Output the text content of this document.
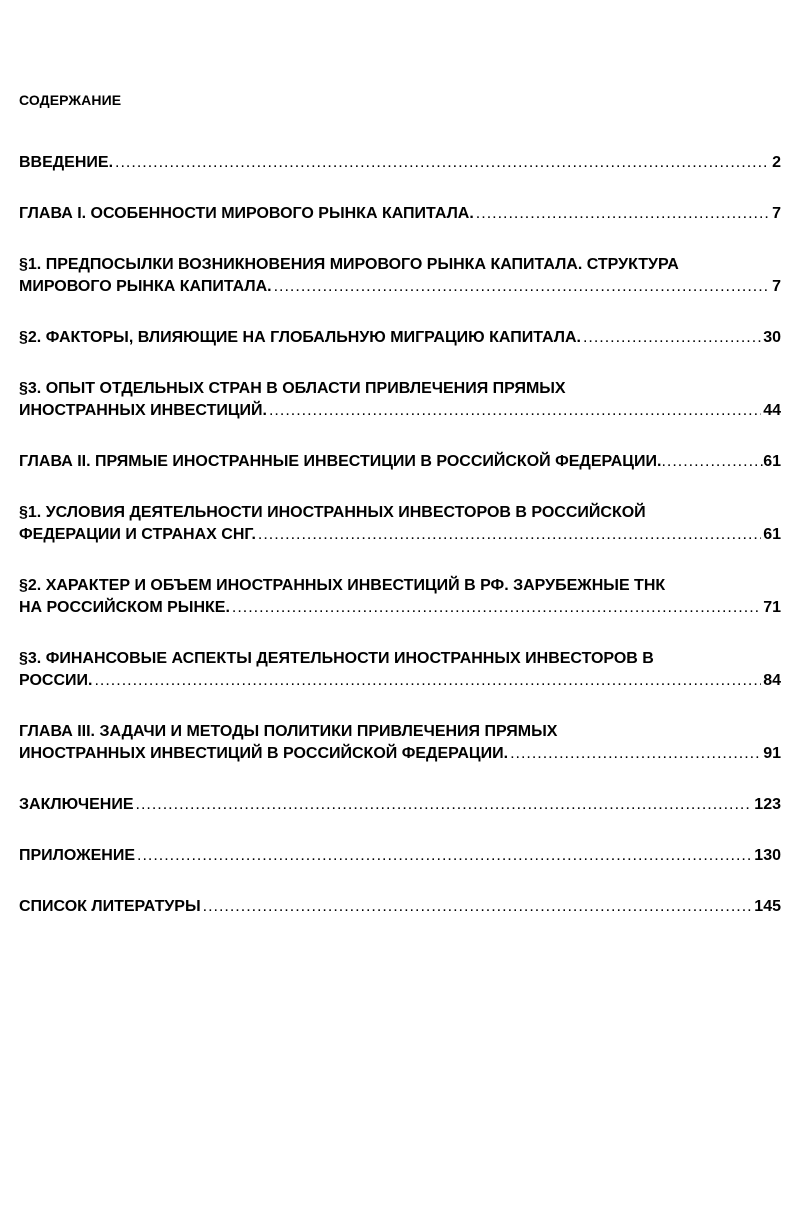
СОДЕРЖАНИЕ
ВВЕДЕНИЕ. .....	2
ГЛАВА I. ОСОБЕННОСТИ МИРОВОГО РЫНКА КАПИТАЛА. .....	7
§1. ПРЕДПОСЫЛКИ ВОЗНИКНОВЕНИЯ МИРОВОГО РЫНКА КАПИТАЛА. СТРУКТУРА
МИРОВОГО РЫНКА КАПИТАЛА. .....	7
§2. ФАКТОРЫ, ВЛИЯЮЩИЕ НА ГЛОБАЛЬНУЮ МИГРАЦИЮ КАПИТАЛА. .....	30
§3. ОПЫТ ОТДЕЛЬНЫХ СТРАН В ОБЛАСТИ ПРИВЛЕЧЕНИЯ ПРЯМЫХ
ИНОСТРАННЫХ ИНВЕСТИЦИЙ. .....	44
ГЛАВА II. ПРЯМЫЕ ИНОСТРАННЫЕ ИНВЕСТИЦИИ В РОССИЙСКОЙ ФЕДЕРАЦИИ. .....	61
§1. УСЛОВИЯ ДЕЯТЕЛЬНОСТИ ИНОСТРАННЫХ ИНВЕСТОРОВ В РОССИЙСКОЙ
ФЕДЕРАЦИИ И СТРАНАХ СНГ. .....	61
§2. ХАРАКТЕР И ОБЪЕМ ИНОСТРАННЫХ ИНВЕСТИЦИЙ В РФ. ЗАРУБЕЖНЫЕ ТНК
НА РОССИЙСКОМ РЫНКЕ. .....	71
§3. ФИНАНСОВЫЕ АСПЕКТЫ ДЕЯТЕЛЬНОСТИ ИНОСТРАННЫХ ИНВЕСТОРОВ В
РОССИИ. .....	84
ГЛАВА III. ЗАДАЧИ И МЕТОДЫ ПОЛИТИКИ ПРИВЛЕЧЕНИЯ ПРЯМЫХ
ИНОСТРАННЫХ ИНВЕСТИЦИЙ В РОССИЙСКОЙ ФЕДЕРАЦИИ. .....	91
ЗАКЛЮЧЕНИЕ .....	123
ПРИЛОЖЕНИЕ .....	130
СПИСОК ЛИТЕРАТУРЫ .....	145
